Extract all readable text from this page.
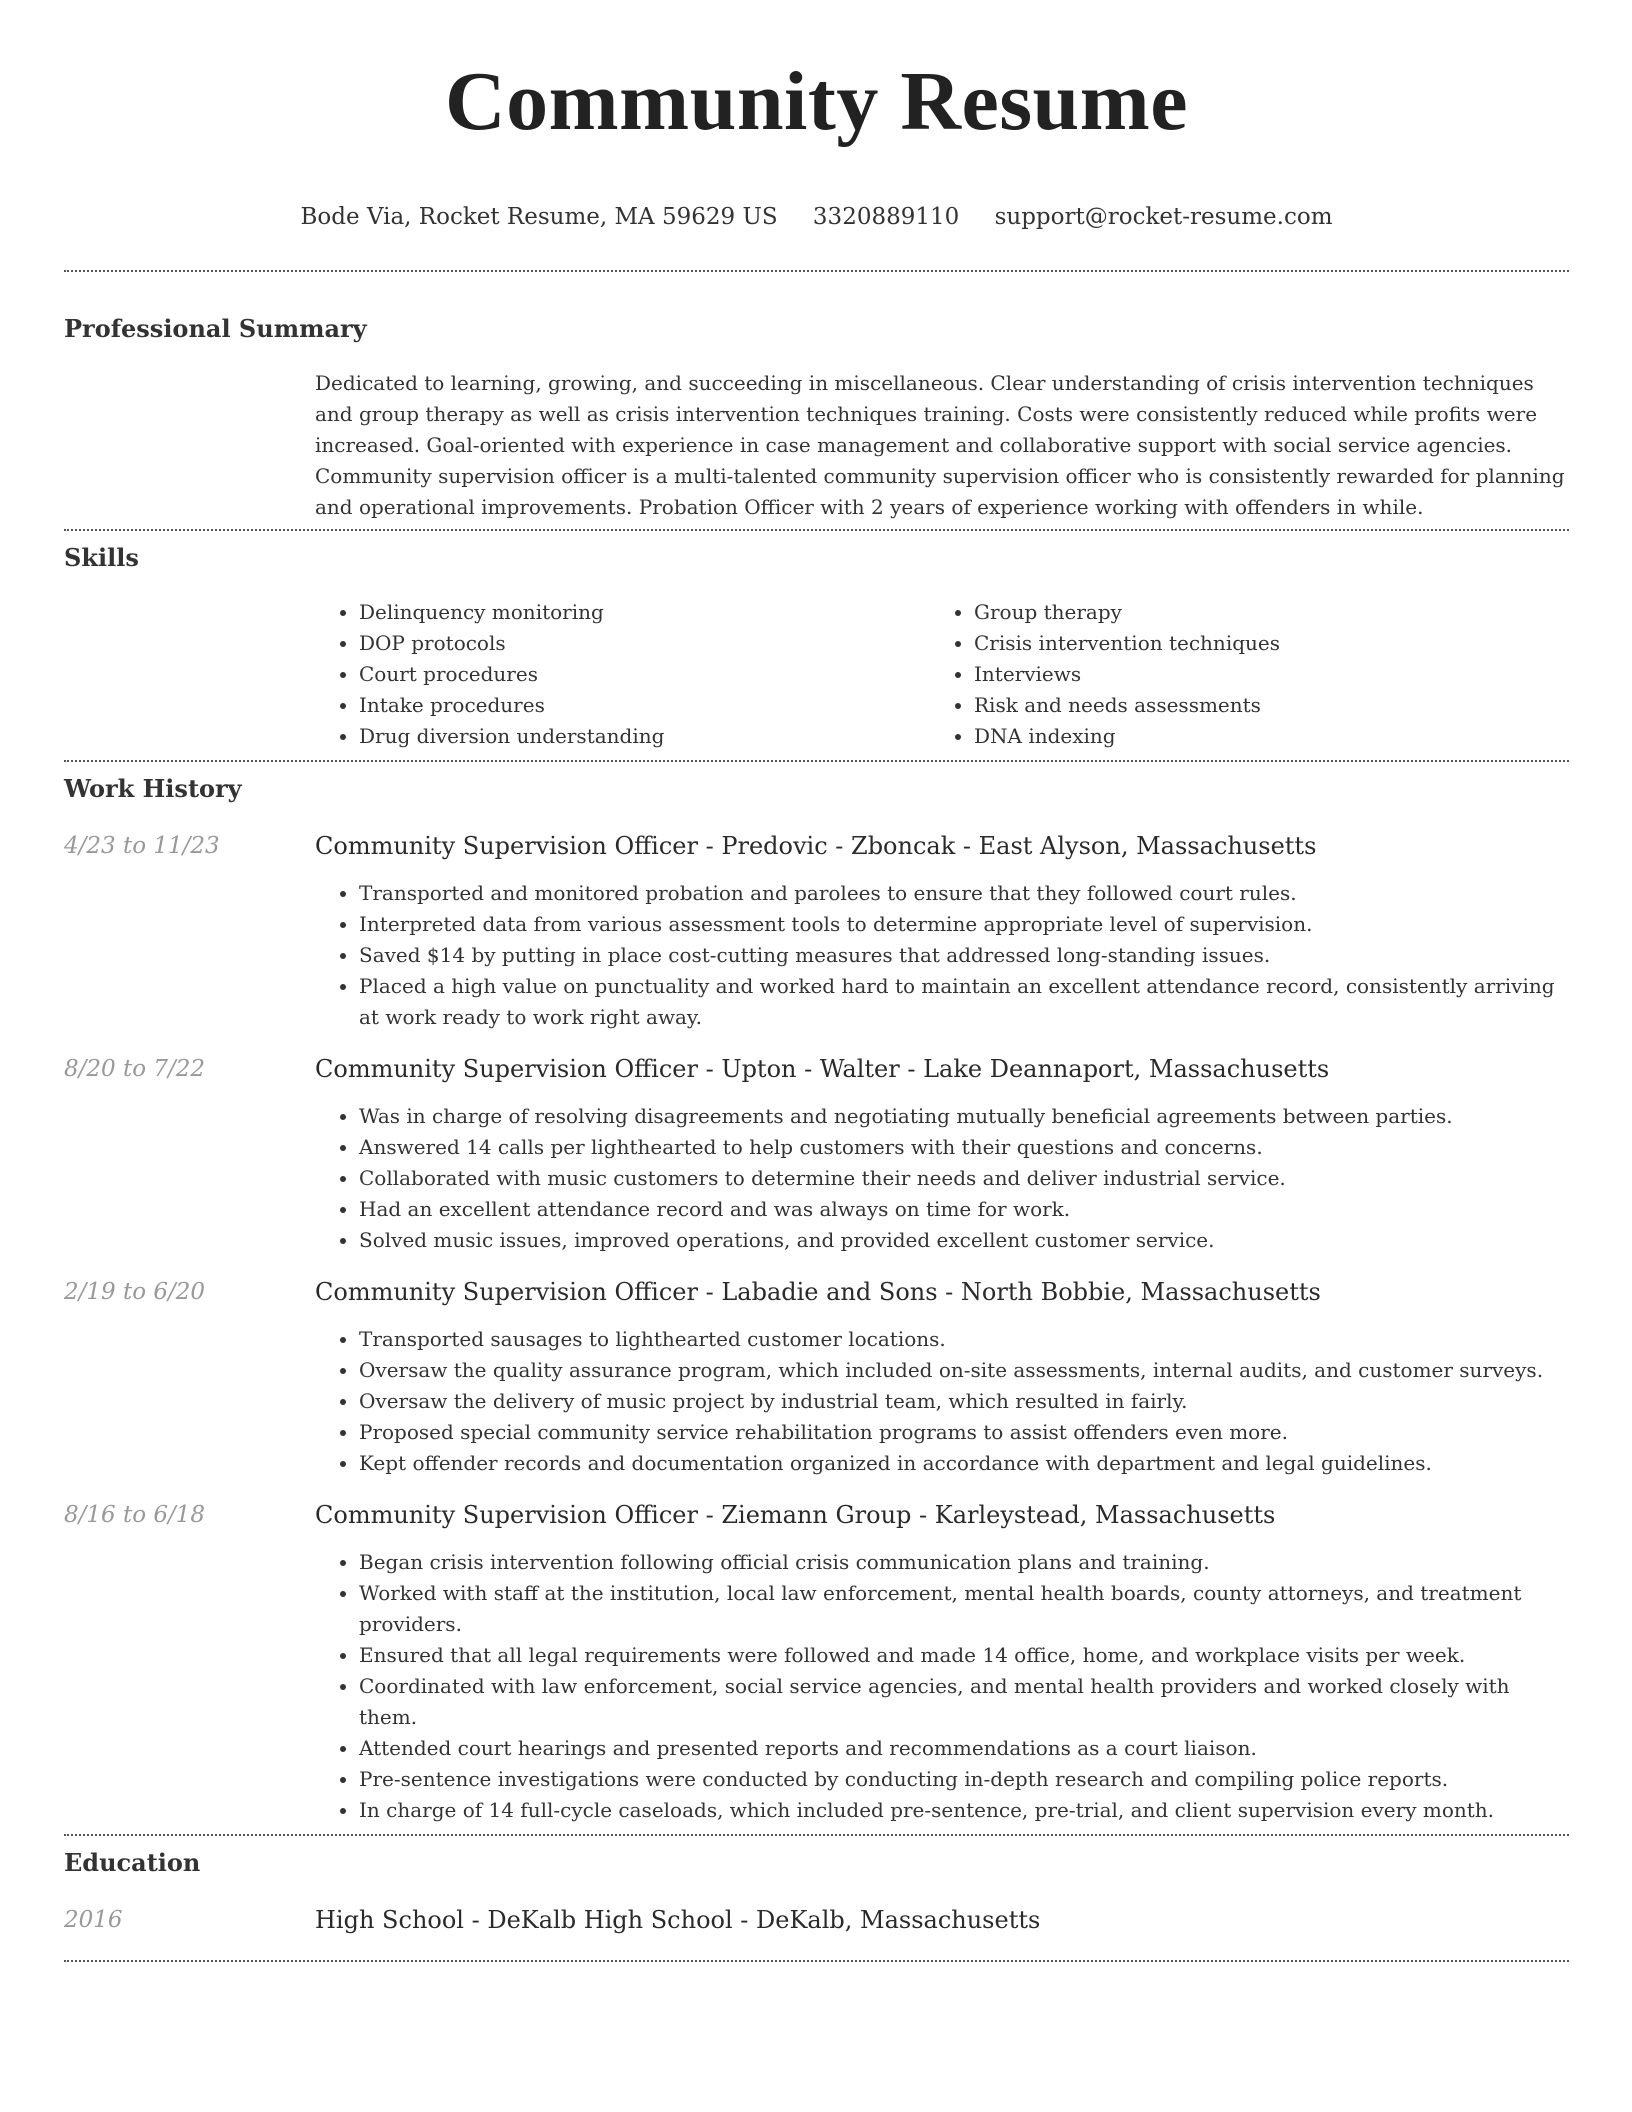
Community Resume
Bode Via, Rocket Resume, MA 59629 US 3320889110 support@rocket-resume.com
Professional Summary

Dedicated to learning, growing, and succeeding in miscellaneous. Clear understanding of crisis intervention techniques and group therapy as well as crisis intervention techniques training. Costs were consistently reduced while profits were increased. Goal-oriented with experience in case management and collaborative support with social service agencies. Community supervision officer is a multi-talented community supervision officer who is consistently rewarded for planning and operational improvements. Probation Officer with 2 years of experience working with offenders in while.

Skills
• Delinquency monitoring
• DOP protocols
• Court procedures
• Intake procedures
• Drug diversion understanding
• Group therapy
• Crisis intervention techniques
• Interviews
• Risk and needs assessments
• DNA indexing
Work History
4/23 to 11/23	Community Supervision Officer - Predovic - Zboncak - East Alyson, Massachusetts
• Transported and monitored probation and parolees to ensure that they followed court rules.
• Interpreted data from various assessment tools to determine appropriate level of supervision.
• Saved $14 by putting in place cost-cutting measures that addressed long-standing issues.
• Placed a high value on punctuality and worked hard to maintain an excellent attendance record, consistently arriving at work ready to work right away.
8/20 to 7/22	Community Supervision Officer - Upton - Walter - Lake Deannaport, Massachusetts
• Was in charge of resolving disagreements and negotiating mutually beneficial agreements between parties.
• Answered 14 calls per lighthearted to help customers with their questions and concerns.
• Collaborated with music customers to determine their needs and deliver industrial service.
• Had an excellent attendance record and was always on time for work.
• Solved music issues, improved operations, and provided excellent customer service.
2/19 to 6/20	Community Supervision Officer - Labadie and Sons - North Bobbie, Massachusetts
• Transported sausages to lighthearted customer locations.
• Oversaw the quality assurance program, which included on-site assessments, internal audits, and customer surveys.
• Oversaw the delivery of music project by industrial team, which resulted in fairly.
• Proposed special community service rehabilitation programs to assist offenders even more.
• Kept offender records and documentation organized in accordance with department and legal guidelines.
8/16 to 6/18	Community Supervision Officer - Ziemann Group - Karleystead, Massachusetts
• Began crisis intervention following official crisis communication plans and training.
• Worked with staff at the institution, local law enforcement, mental health boards, county attorneys, and treatment providers.
• Ensured that all legal requirements were followed and made 14 office, home, and workplace visits per week.
• Coordinated with law enforcement, social service agencies, and mental health providers and worked closely with them.
• Attended court hearings and presented reports and recommendations as a court liaison.
• Pre-sentence investigations were conducted by conducting in-depth research and compiling police reports.
• In charge of 14 full-cycle caseloads, which included pre-sentence, pre-trial, and client supervision every month.
Education
2016	High School - DeKalb High School - DeKalb, Massachusetts
